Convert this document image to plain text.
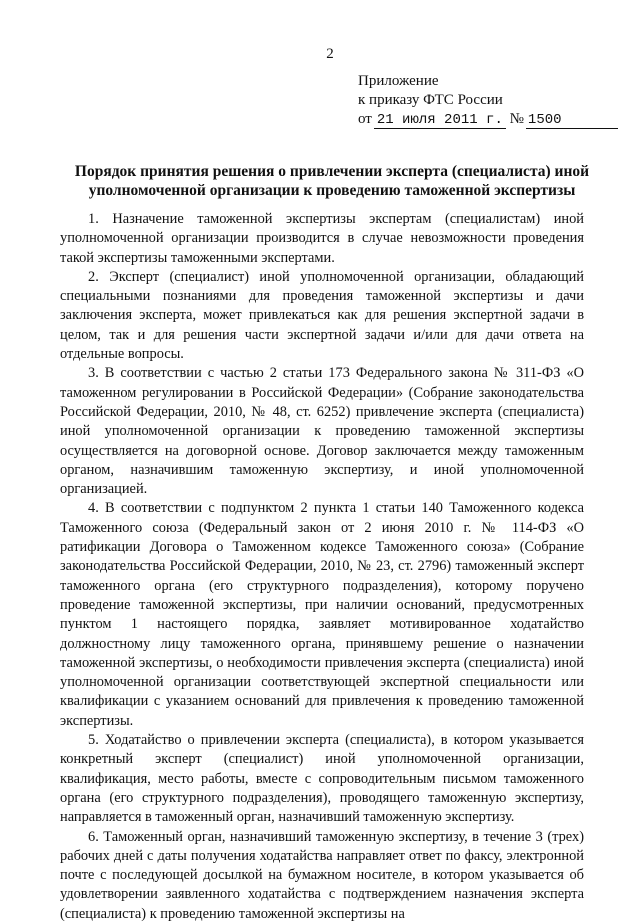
2
Приложение
к приказу ФТС России
от 21 июля 2011 г. № 1500
Порядок принятия решения о привлечении эксперта (специалиста) иной уполномоченной организации к проведению таможенной экспертизы

1. Назначение таможенной экспертизы экспертам (специалистам) иной уполномоченной организации производится в случае невозможности проведения такой экспертизы таможенными экспертами.

2. Эксперт (специалист) иной уполномоченной организации, обладающий специальными познаниями для проведения таможенной экспертизы и дачи заключения эксперта, может привлекаться как для решения экспертной задачи в целом, так и для решения части экспертной задачи и/или для дачи ответа на отдельные вопросы.

3. В соответствии с частью 2 статьи 173 Федерального закона № 311-ФЗ «О таможенном регулировании в Российской Федерации» (Собрание законодательства Российской Федерации, 2010, № 48, ст. 6252) привлечение эксперта (специалиста) иной уполномоченной организации к проведению таможенной экспертизы осуществляется на договорной основе. Договор заключается между таможенным органом, назначившим таможенную экспертизу, и иной уполномоченной организацией.

4. В соответствии с подпунктом 2 пункта 1 статьи 140 Таможенного кодекса Таможенного союза (Федеральный закон от 2 июня 2010 г. № 114-ФЗ «О ратификации Договора о Таможенном кодексе Таможенного союза» (Собрание законодательства Российской Федерации, 2010, № 23, ст. 2796) таможенный эксперт таможенного органа (его структурного подразделения), которому поручено проведение таможенной экспертизы, при наличии оснований, предусмотренных пунктом 1 настоящего порядка, заявляет мотивированное ходатайство должностному лицу таможенного органа, принявшему решение о назначении таможенной экспертизы, о необходимости привлечения эксперта (специалиста) иной уполномоченной организации соответствующей экспертной специальности или квалификации с указанием оснований для привлечения к проведению таможенной экспертизы.

5. Ходатайство о привлечении эксперта (специалиста), в котором указывается конкретный эксперт (специалист) иной уполномоченной организации, квалификация, место работы, вместе с сопроводительным письмом таможенного органа (его структурного подразделения), проводящего таможенную экспертизу, направляется в таможенный орган, назначивший таможенную экспертизу.

6. Таможенный орган, назначивший таможенную экспертизу, в течение 3 (трех) рабочих дней с даты получения ходатайства направляет ответ по факсу, электронной почте с последующей досылкой на бумажном носителе, в котором указывается об удовлетворении заявленного ходатайства с подтверждением назначения эксперта (специалиста) к проведению таможенной экспертизы на
